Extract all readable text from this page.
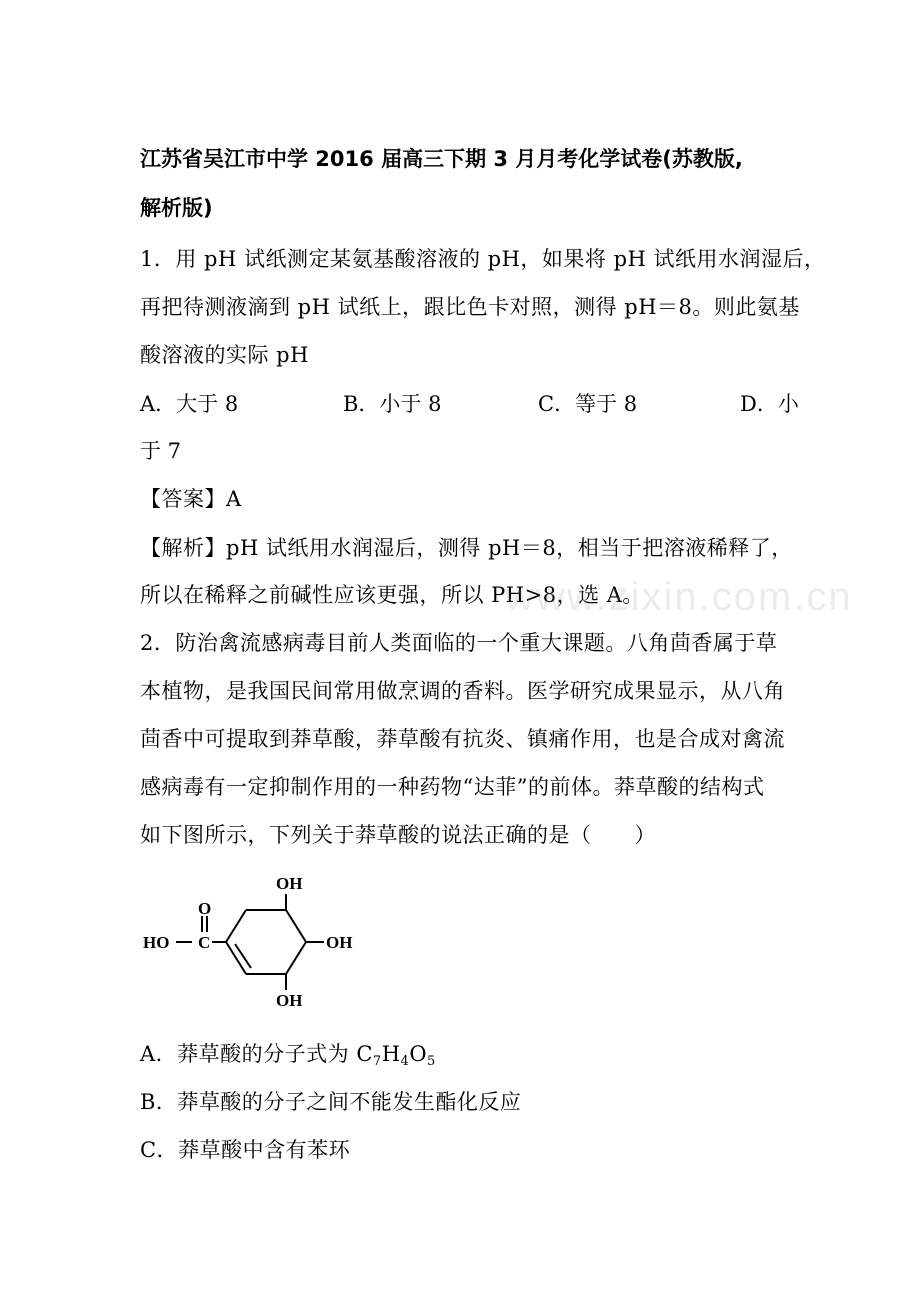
江苏省吴江市中学 2016 届高三下期 3 月月考化学试卷(苏教版,
解析版)
1．用 pH 试纸测定某氨基酸溶液的 pH，如果将 pH 试纸用水润湿后，
再把待测液滴到 pH 试纸上，跟比色卡对照，测得 pH＝8。则此氨基
酸溶液的实际 pH
A．大于 8	B．小于 8	C．等于 8	D．小
于 7
【答案】A
【解析】pH 试纸用水润湿后，测得 pH＝8，相当于把溶液稀释了，
所以在稀释之前碱性应该更强，所以 PH>8，选 A。
www.zixin.com.cn
2．防治禽流感病毒目前人类面临的一个重大课题。八角茴香属于草
本植物，是我国民间常用做烹调的香料。医学研究成果显示，从八角
茴香中可提取到莽草酸，莽草酸有抗炎、镇痛作用，也是合成对禽流
感病毒有一定抑制作用的一种药物“达菲”的前体。莽草酸的结构式
如下图所示，下列关于莽草酸的说法正确的是（　　）
OH
OH
OH
O
C
HO
A．莽草酸的分子式为 $C_7H_4O_5$
B．莽草酸的分子之间不能发生酯化反应
C．莽草酸中含有苯环
